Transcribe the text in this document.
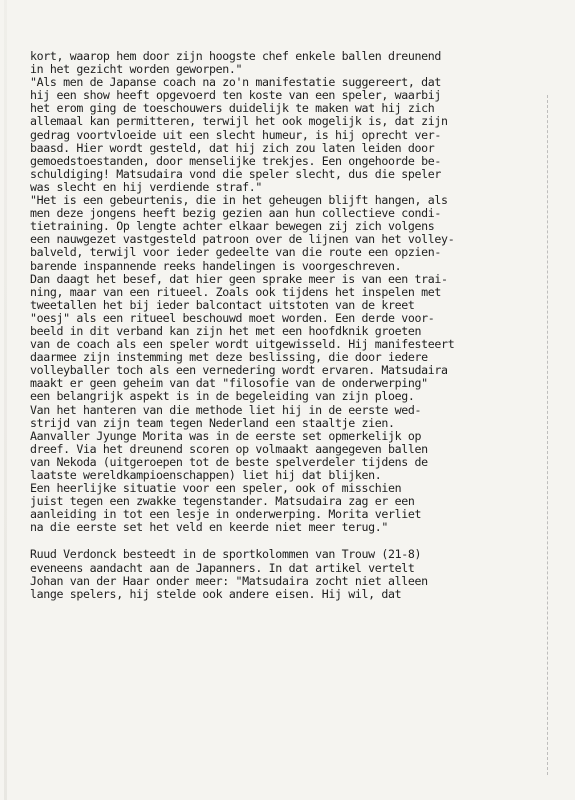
kort, waarop hem door zijn hoogste chef enkele ballen dreunend
in het gezicht worden geworpen."
"Als men de Japanse coach na zo'n manifestatie suggereert, dat
hij een show heeft opgevoerd ten koste van een speler, waarbij
het erom ging de toeschouwers duidelijk te maken wat hij zich
allemaal kan permitteren, terwijl het ook mogelijk is, dat zijn
gedrag voortvloeide uit een slecht humeur, is hij oprecht ver-
baasd. Hier wordt gesteld, dat hij zich zou laten leiden door
gemoedstoestanden, door menselijke trekjes. Een ongehoorde be-
schuldiging! Matsudaira vond die speler slecht, dus die speler
was slecht en hij verdiende straf."
"Het is een gebeurtenis, die in het geheugen blijft hangen, als
men deze jongens heeft bezig gezien aan hun collectieve condi-
tietraining. Op lengte achter elkaar bewegen zij zich volgens
een nauwgezet vastgesteld patroon over de lijnen van het volley-
balveld, terwijl voor ieder gedeelte van die route een opzien-
barende inspannende reeks handelingen is voorgeschreven.
Dan daagt het besef, dat hier geen sprake meer is van een trai-
ning, maar van een ritueel. Zoals ook tijdens het inspelen met
tweetallen het bij ieder balcontact uitstoten van de kreet
"oesj" als een ritueel beschouwd moet worden. Een derde voor-
beeld in dit verband kan zijn het met een hoofdknik groeten
van de coach als een speler wordt uitgewisseld. Hij manifesteert
daarmee zijn instemming met deze beslissing, die door iedere
volleyballer toch als een vernedering wordt ervaren. Matsudaira
maakt er geen geheim van dat "filosofie van de onderwerping"
een belangrijk aspekt is in de begeleiding van zijn ploeg.
Van het hanteren van die methode liet hij in de eerste wed-
strijd van zijn team tegen Nederland een staaltje zien.
Aanvaller Jyunge Morita was in de eerste set opmerkelijk op
dreef. Via het dreunend scoren op volmaakt aangegeven ballen
van Nekoda (uitgeroepen tot de beste spelverdeler tijdens de
laatste wereldkampioenschappen) liet hij dat blijken.
Een heerlijke situatie voor een speler, ook of misschien
juist tegen een zwakke tegenstander. Matsudaira zag er een
aanleiding in tot een lesje in onderwerping. Morita verliet
na die eerste set het veld en keerde niet meer terug."
Ruud Verdonck besteedt in de sportkolommen van Trouw (21-8)
eveneens aandacht aan de Japanners. In dat artikel vertelt
Johan van der Haar onder meer: "Matsudaira zocht niet alleen
lange spelers, hij stelde ook andere eisen. Hij wil, dat
